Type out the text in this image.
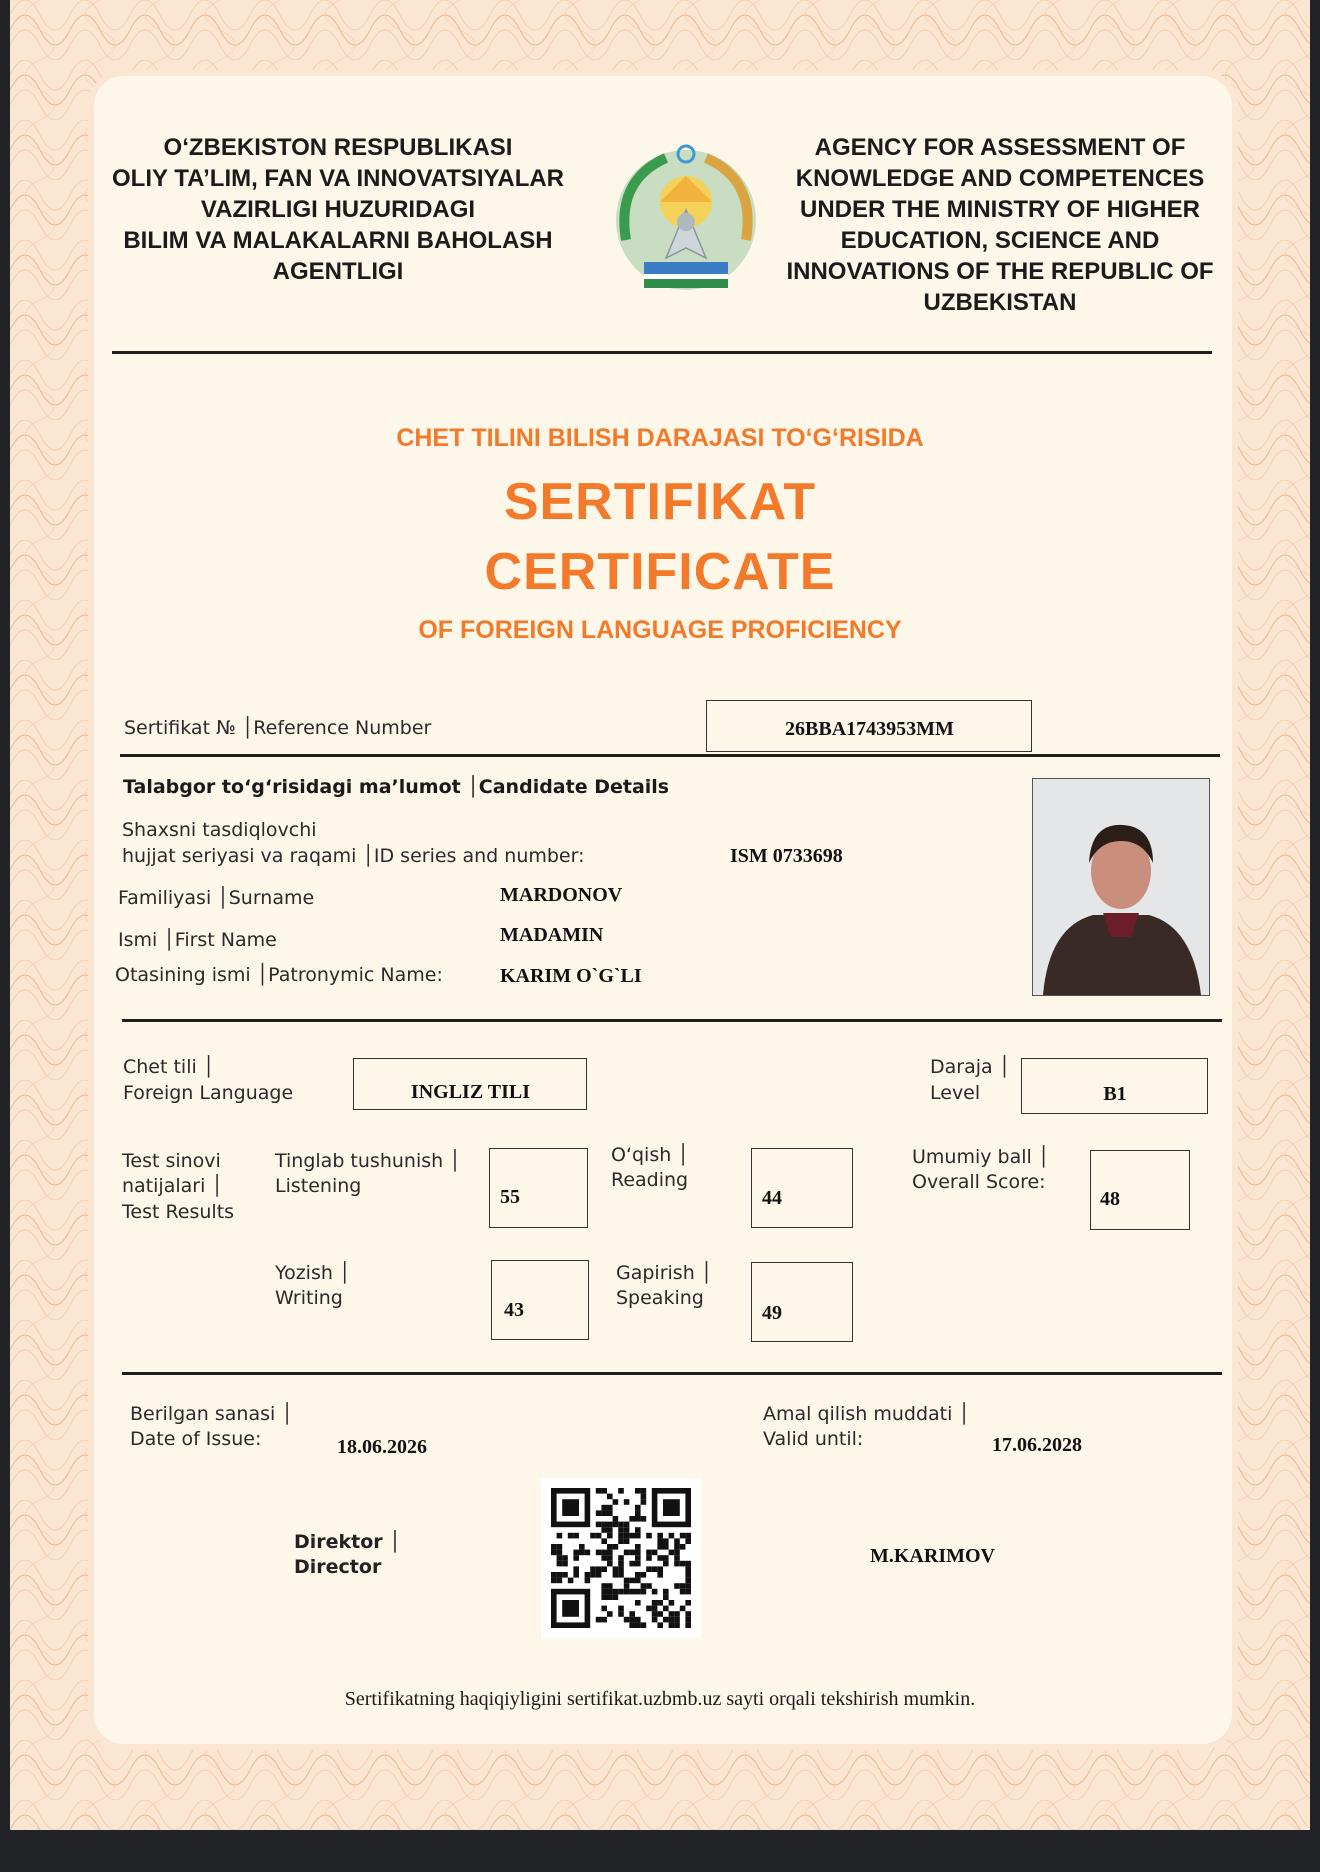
O‘ZBEKISTON RESPUBLIKASI
OLIY TA’LIM, FAN VA INNOVATSIYALAR
VAZIRLIGI HUZURIDAGI
BILIM VA MALAKALARNI BAHOLASH
AGENTLIGI
AGENCY FOR ASSESSMENT OF
KNOWLEDGE AND COMPETENCES
UNDER THE MINISTRY OF HIGHER
EDUCATION, SCIENCE AND
INNOVATIONS OF THE REPUBLIC OF
UZBEKISTAN
CHET TILINI BILISH DARAJASI TO‘G‘RISIDA
SERTIFIKAT
CERTIFICATE
OF FOREIGN LANGUAGE PROFICIENCY
Sertifikat № │Reference Number	26BBA1743953MM
Talabgor to‘g‘risidagi ma’lumot │Candidate Details
Shaxsni tasdiqlovchi
hujjat seriyasi va raqami │ID series and number:	ISM 0733698
Familiyasi │Surname	MARDONOV
Ismi │First Name	MADAMIN
Otasining ismi │Patronymic Name:	KARIM O`G`LI
Chet tili │
Foreign Language	INGLIZ TILI
Daraja │
Level	B1
Test sinovi
natijalari │
Test Results
Tinglab tushunish │
Listening	55
O‘qish │
Reading
44
Umumiy ball │
Overall Score:
48
Yozish │
Writing
43
Gapirish │
Speaking
49
Berilgan sanasi │
Date of Issue:	18.06.2026
Amal qilish muddati │
Valid until:	17.06.2028
Direktor │
Director	M.KARIMOV
Sertifikatning haqiqiyligini sertifikat.uzbmb.uz sayti orqali tekshirish mumkin.
